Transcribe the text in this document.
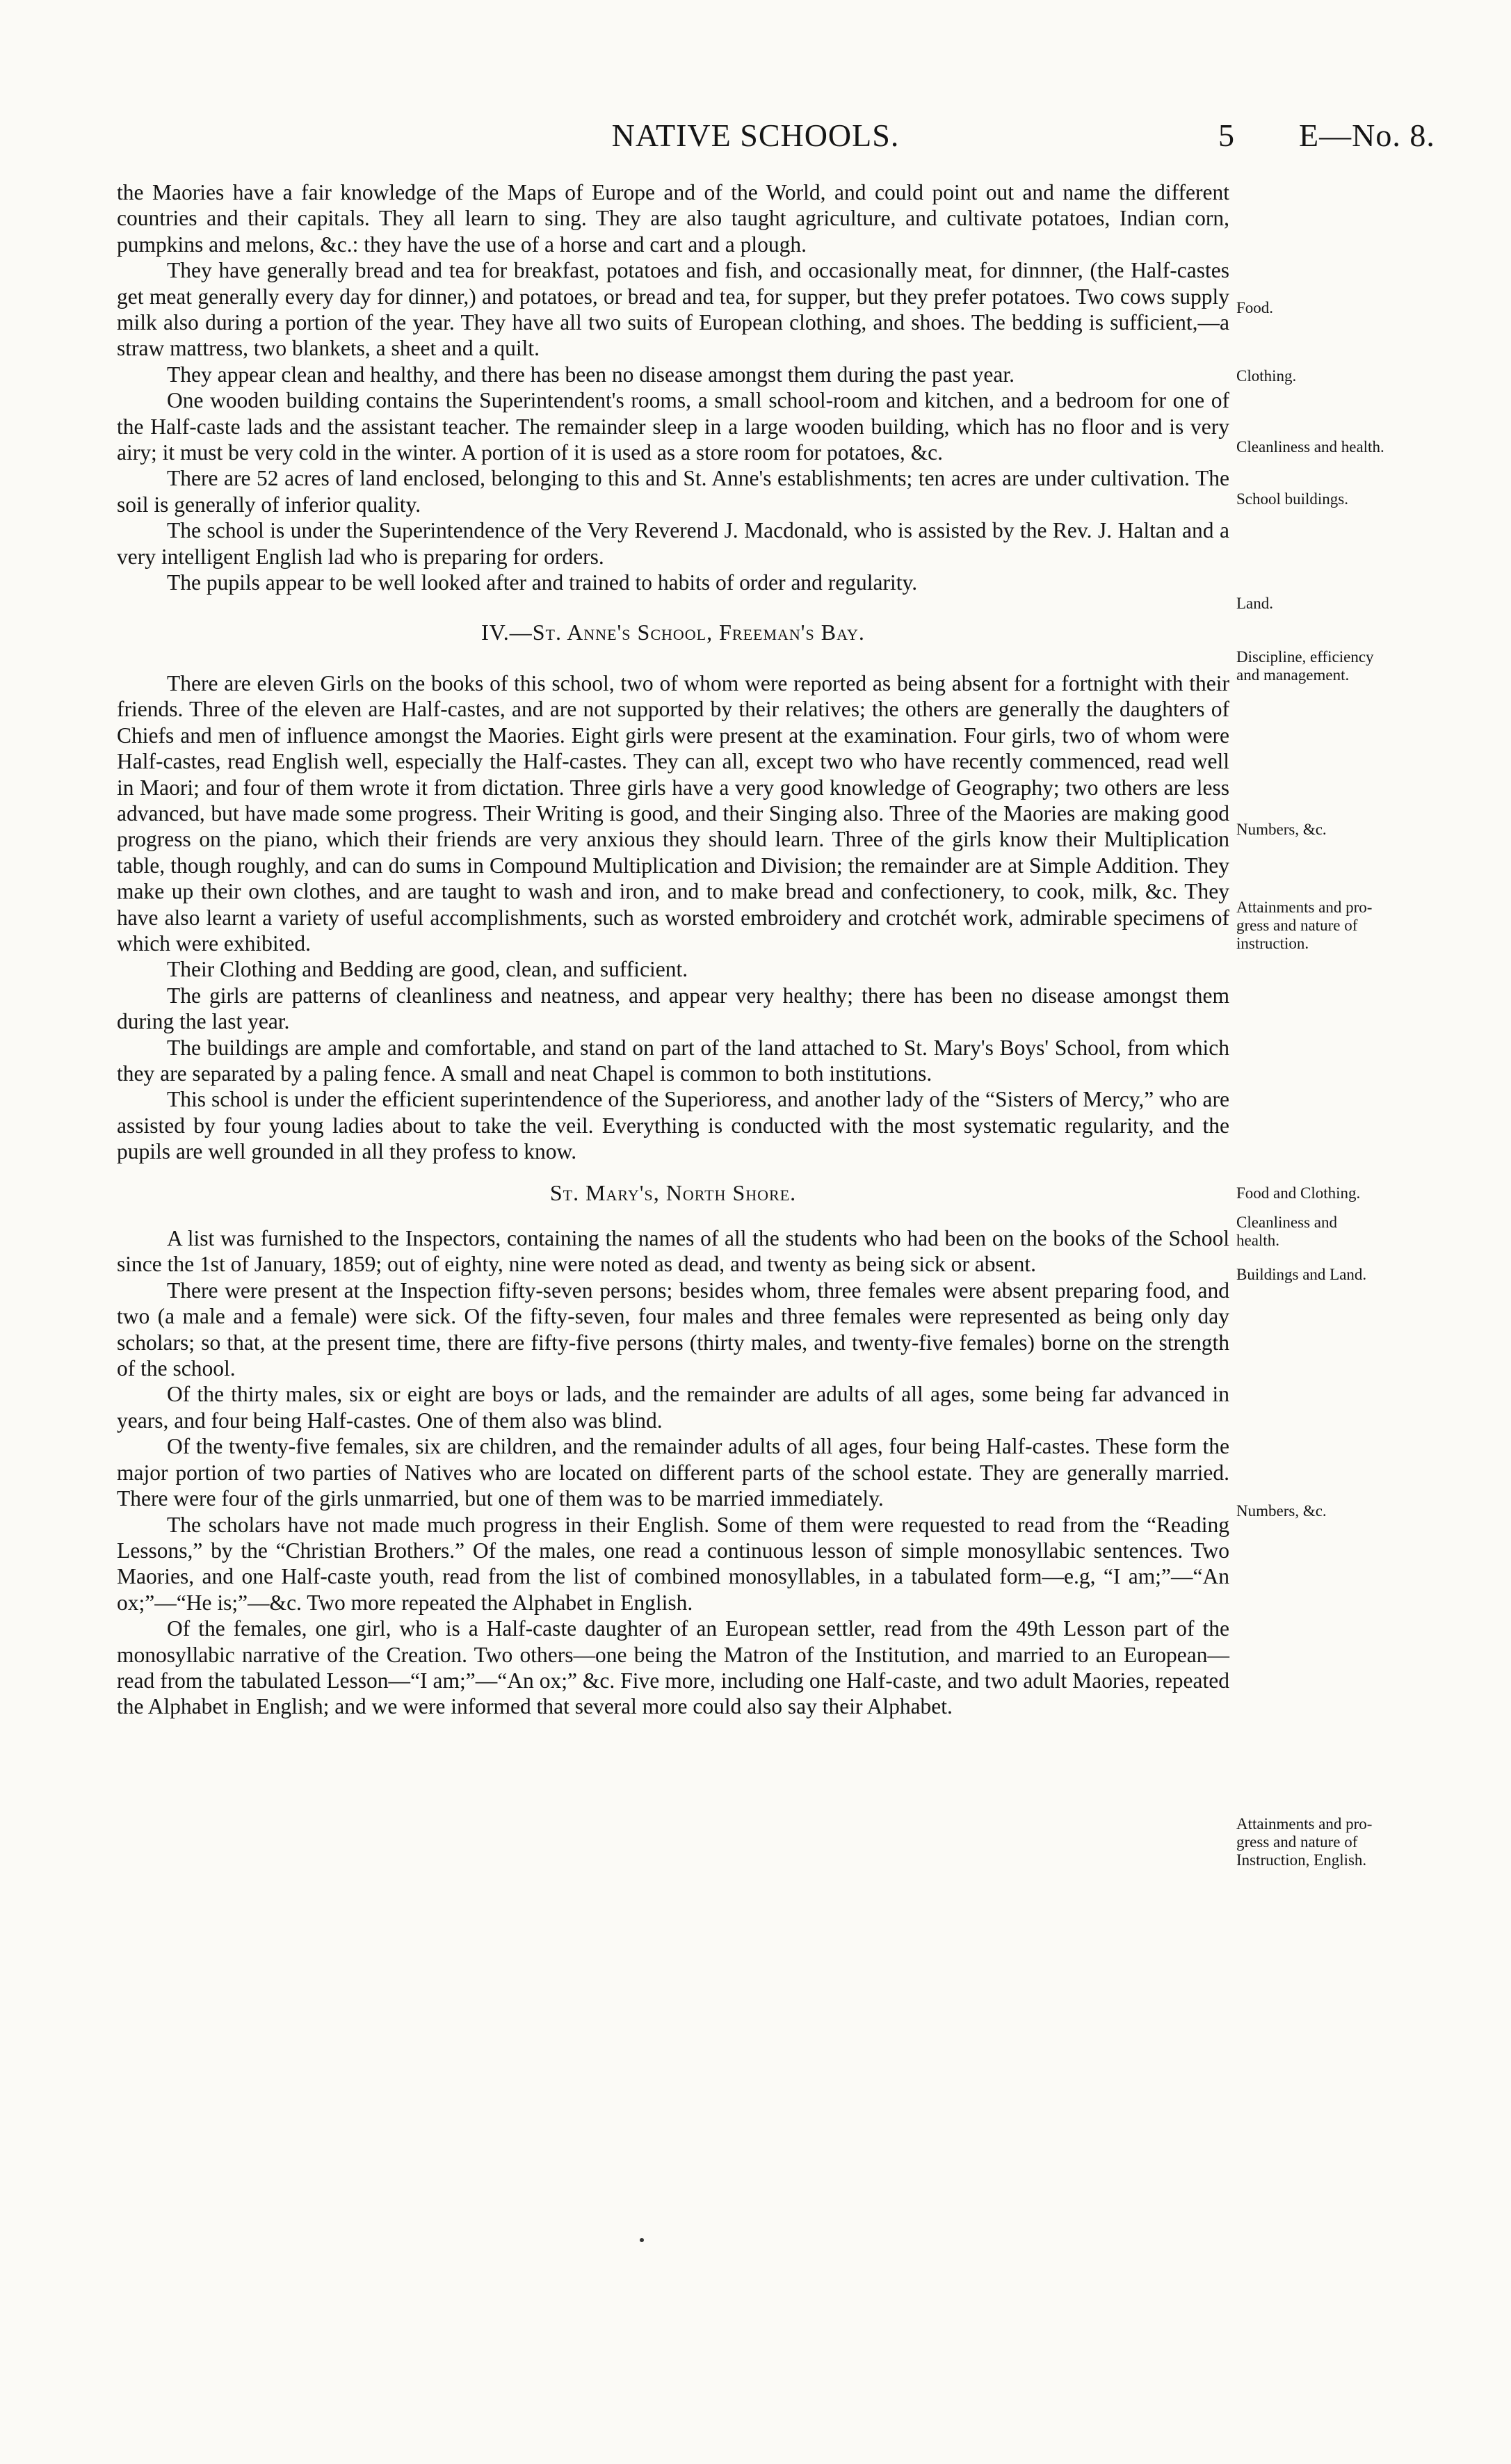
NATIVE SCHOOLS.	5 E—No. 8.

the Maories have a fair knowledge of the Maps of Europe and of the World, and could point out and name the different countries and their capitals. They all learn to sing. They are also taught agriculture, and cultivate potatoes, Indian corn, pumpkins and melons, &c.: they have the use of a horse and cart and a plough.

They have generally bread and tea for breakfast, potatoes and fish, and occasionally meat, for dinnner, (the Half-castes get meat generally every day for dinner,) and potatoes, or bread and tea, for supper, but they prefer potatoes. Two cows supply milk also during a portion of the year. They have all two suits of European clothing, and shoes. The bedding is sufficient,—a straw mattress, two blankets, a sheet and a quilt.

They appear clean and healthy, and there has been no disease amongst them during the past year.

One wooden building contains the Superintendent's rooms, a small school-room and kitchen, and a bedroom for one of the Half-caste lads and the assistant teacher. The remainder sleep in a large wooden building, which has no floor and is very airy; it must be very cold in the winter. A portion of it is used as a store room for potatoes, &c.

There are 52 acres of land enclosed, belonging to this and St. Anne's establishments; ten acres are under cultivation. The soil is generally of inferior quality.

The school is under the Superintendence of the Very Reverend J. Macdonald, who is assisted by the Rev. J. Haltan and a very intelligent English lad who is preparing for orders.

The pupils appear to be well looked after and trained to habits of order and regularity.

IV.—St. Anne's School, Freeman's Bay.

There are eleven Girls on the books of this school, two of whom were reported as being absent for a fortnight with their friends. Three of the eleven are Half-castes, and are not supported by their relatives; the others are generally the daughters of Chiefs and men of influence amongst the Maories. Eight girls were present at the examination. Four girls, two of whom were Half-castes, read English well, especially the Half-castes. They can all, except two who have recently commenced, read well in Maori; and four of them wrote it from dictation. Three girls have a very good knowledge of Geography; two others are less advanced, but have made some progress. Their Writing is good, and their Singing also. Three of the Maories are making good progress on the piano, which their friends are very anxious they should learn. Three of the girls know their Multiplication table, though roughly, and can do sums in Compound Multiplication and Division; the remainder are at Simple Addition. They make up their own clothes, and are taught to wash and iron, and to make bread and confectionery, to cook, milk, &c. They have also learnt a variety of useful accomplishments, such as worsted embroidery and crotchét work, admirable specimens of which were exhibited.

Their Clothing and Bedding are good, clean, and sufficient.

The girls are patterns of cleanliness and neatness, and appear very healthy; there has been no disease amongst them during the last year.

The buildings are ample and comfortable, and stand on part of the land attached to St. Mary's Boys' School, from which they are separated by a paling fence. A small and neat Chapel is common to both institutions.

This school is under the efficient superintendence of the Superioress, and another lady of the “Sisters of Mercy,” who are assisted by four young ladies about to take the veil. Everything is conducted with the most systematic regularity, and the pupils are well grounded in all they profess to know.

St. Mary's, North Shore.

A list was furnished to the Inspectors, containing the names of all the students who had been on the books of the School since the 1st of January, 1859; out of eighty, nine were noted as dead, and twenty as being sick or absent.

There were present at the Inspection fifty-seven persons; besides whom, three females were absent preparing food, and two (a male and a female) were sick. Of the fifty-seven, four males and three females were represented as being only day scholars; so that, at the present time, there are fifty-five persons (thirty males, and twenty-five females) borne on the strength of the school.

Of the thirty males, six or eight are boys or lads, and the remainder are adults of all ages, some being far advanced in years, and four being Half-castes. One of them also was blind.

Of the twenty-five females, six are children, and the remainder adults of all ages, four being Half-castes. These form the major portion of two parties of Natives who are located on different parts of the school estate. They are generally married. There were four of the girls unmarried, but one of them was to be married immediately.

The scholars have not made much progress in their English. Some of them were requested to read from the “Reading Lessons,” by the “Christian Brothers.” Of the males, one read a continuous lesson of simple monosyllabic sentences. Two Maories, and one Half-caste youth, read from the list of combined monosyllables, in a tabulated form—e.g, “I am;”—“An ox;”—“He is;”—&c. Two more repeated the Alphabet in English.

Of the females, one girl, who is a Half-caste daughter of an European settler, read from the 49th Lesson part of the monosyllabic narrative of the Creation. Two others—one being the Matron of the Institution, and married to an European—read from the tabulated Lesson—“I am;”—“An ox;” &c. Five more, including one Half-caste, and two adult Maories, repeated the Alphabet in English; and we were informed that several more could also say their Alphabet.

Food.
Clothing.
Cleanliness and health.
School buildings.
Land.
Discipline, efficiency
and management.
Numbers, &c.
Attainments and pro-
gress and nature of
instruction.
Food and Clothing.
Cleanliness and
health.
Buildings and Land.
Numbers, &c.
Attainments and pro-
gress and nature of
Instruction, English.
